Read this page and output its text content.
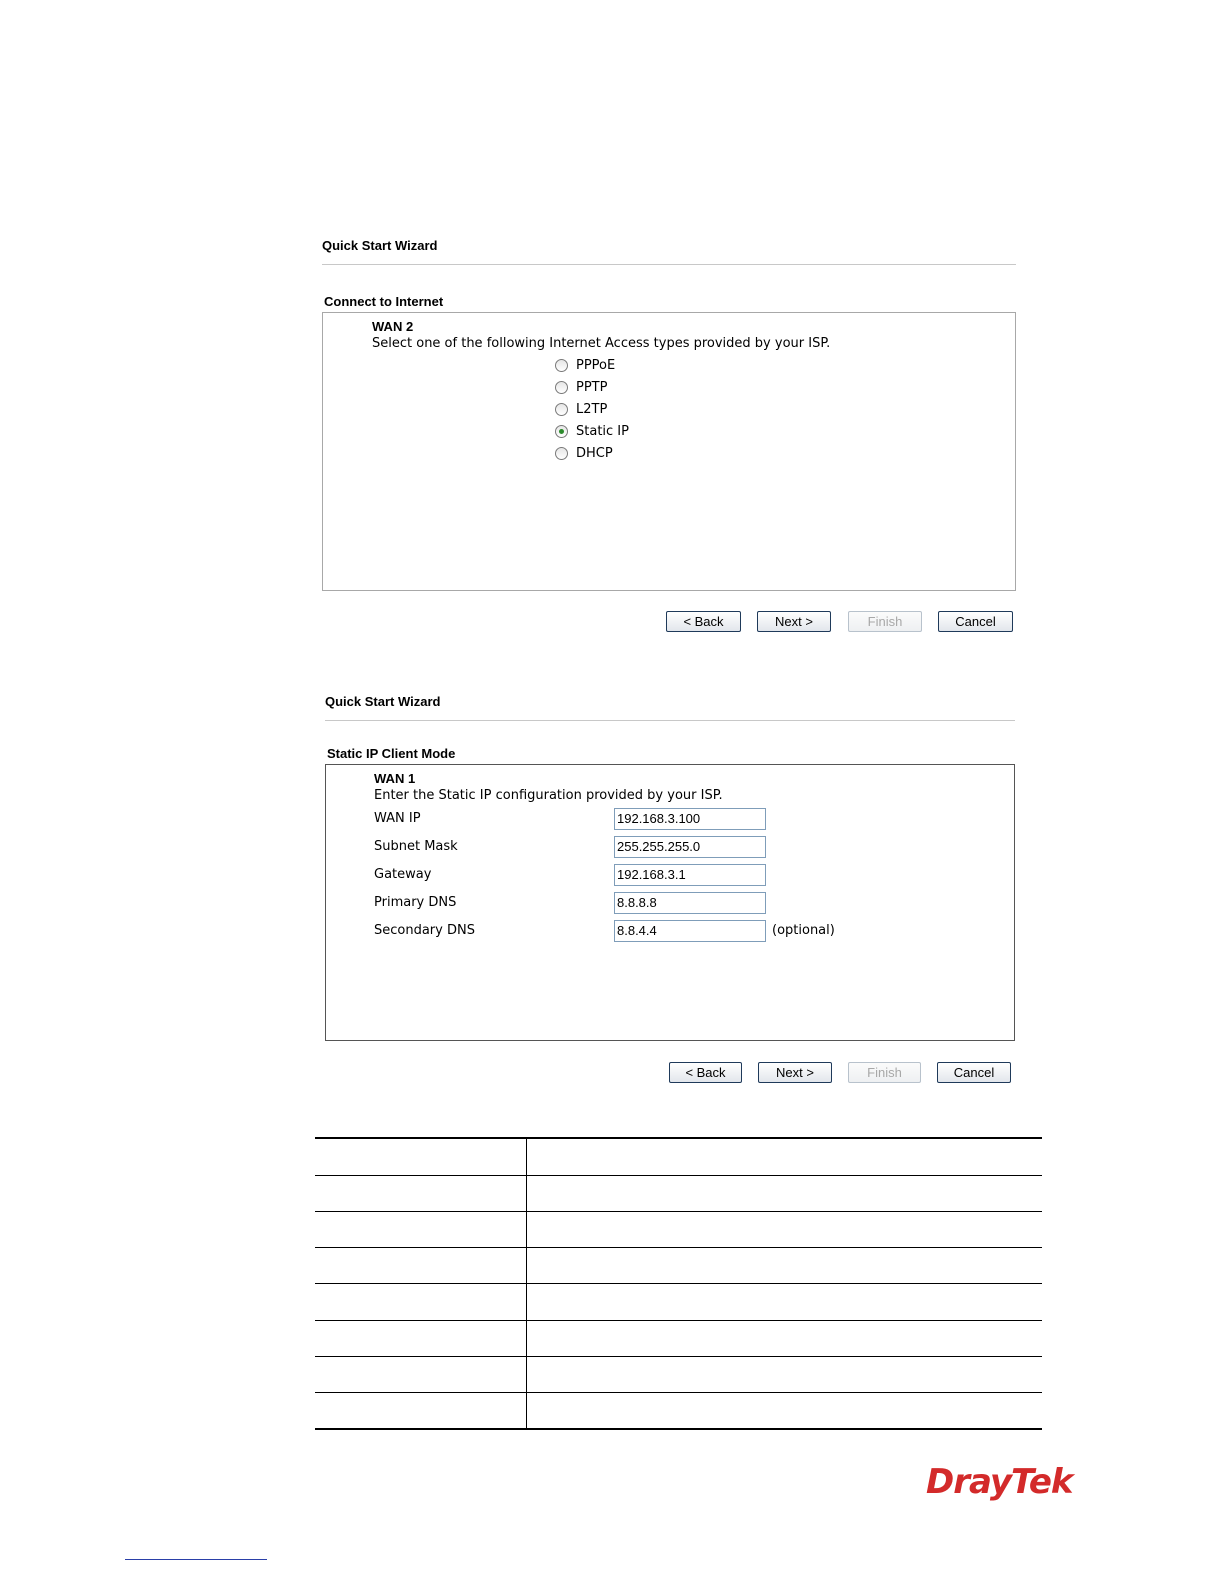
Quick Start Wizard
Connect to Internet
WAN 2
Select one of the following Internet Access types provided by your ISP.
PPPoE
PPTP
L2TP
Static IP
DHCP
< Back	Next >	Finish	Cancel
Quick Start Wizard
Static IP Client Mode
WAN 1
Enter the Static IP configuration provided by your ISP.
WAN IP	192.168.3.100
Subnet Mask	255.255.255.0
Gateway	192.168.3.1
Primary DNS	8.8.8.8
Secondary DNS	8.8.4.4	(optional)
< Back	Next >	Finish	Cancel
DrayTek
